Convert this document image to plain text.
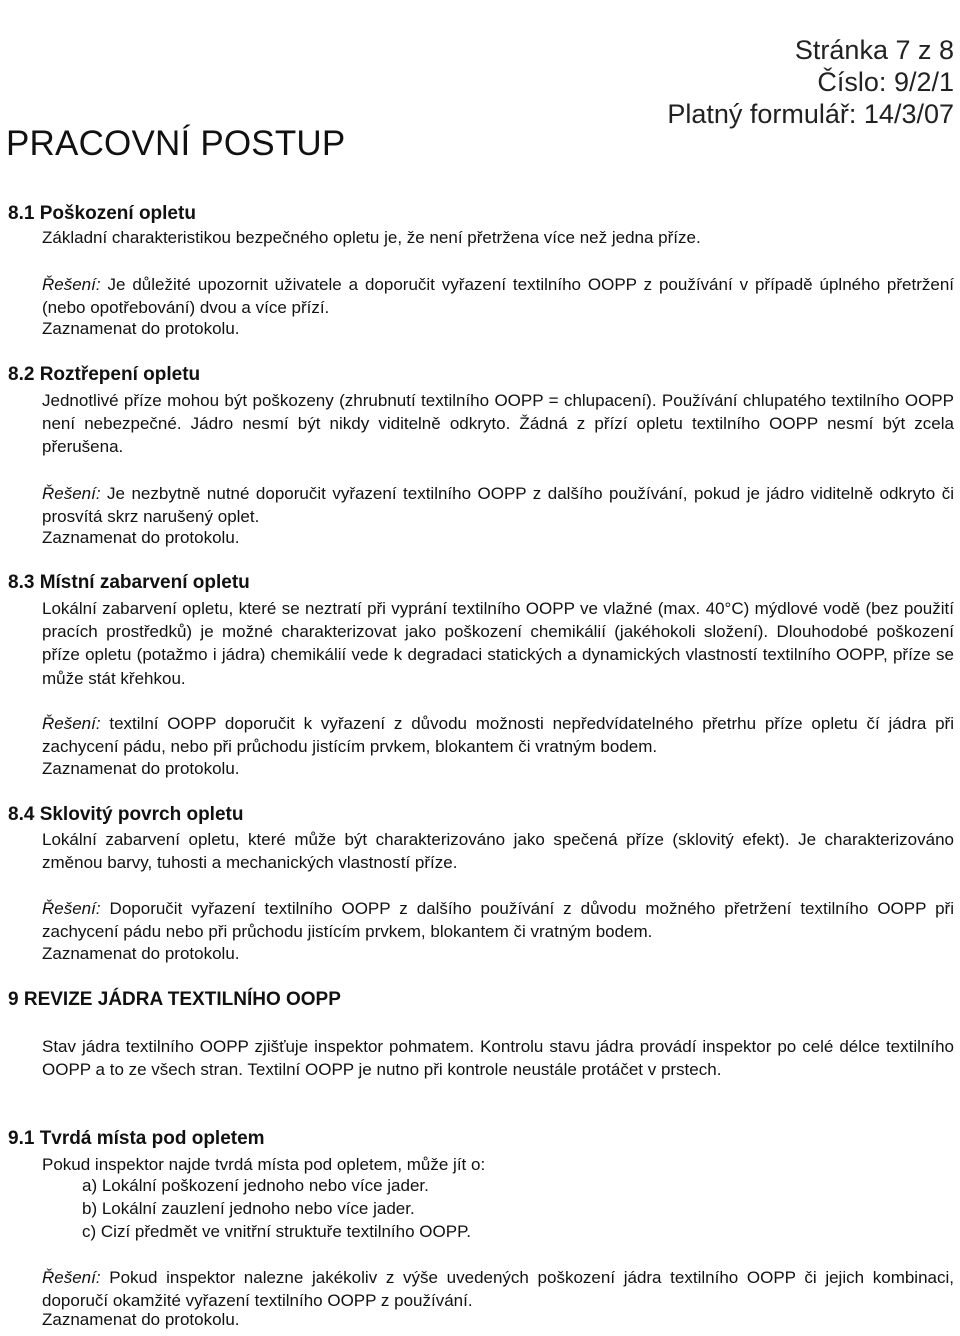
PRACOVNÍ POSTUP
Stránka 7 z 8
Číslo: 9/2/1
Platný formulář: 14/3/07
8.1 Poškození opletu
Základní charakteristikou bezpečného opletu je, že není přetržena více než jedna příze.
Řešení: Je důležité upozornit uživatele a doporučit vyřazení textilního OOPP z používání v případě úplného přetržení (nebo opotřebování) dvou a více přízí.
Zaznamenat do protokolu.
8.2 Roztřepení opletu
Jednotlivé příze mohou být poškozeny (zhrubnutí textilního OOPP = chlupacení). Používání chlupatého textilního OOPP není nebezpečné. Jádro nesmí být nikdy viditelně odkryto. Žádná z přízí opletu textilního OOPP nesmí být zcela přerušena.
Řešení: Je nezbytně nutné doporučit vyřazení textilního OOPP z dalšího používání, pokud je jádro viditelně odkryto či prosvítá skrz narušený oplet.
Zaznamenat do protokolu.
8.3 Místní zabarvení opletu
Lokální zabarvení opletu, které se neztratí při vyprání textilního OOPP ve vlažné (max. 40°C) mýdlové vodě (bez použití pracích prostředků) je možné charakterizovat jako poškození chemikálií (jakéhokoli složení). Dlouhodobé poškození příze opletu (potažmo i jádra) chemikálií vede k degradaci statických a dynamických vlastností textilního OOPP, příze se může stát křehkou.
Řešení: textilní OOPP doporučit k vyřazení z důvodu možnosti nepředvídatelného přetrhu příze opletu čí jádra při zachycení pádu, nebo při průchodu jistícím prvkem, blokantem či vratným bodem.
Zaznamenat do protokolu.
8.4 Sklovitý povrch opletu
Lokální zabarvení opletu, které může být charakterizováno jako spečená příze (sklovitý efekt). Je charakterizováno změnou barvy, tuhosti a mechanických vlastností příze.
Řešení: Doporučit vyřazení textilního OOPP z dalšího používání z důvodu možného přetržení textilního OOPP při zachycení pádu nebo při průchodu jistícím prvkem, blokantem či vratným bodem.
Zaznamenat do protokolu.
9 REVIZE JÁDRA TEXTILNÍHO OOPP
Stav jádra textilního OOPP zjišťuje inspektor pohmatem. Kontrolu stavu jádra provádí inspektor po celé délce textilního OOPP a to ze všech stran. Textilní OOPP je nutno při kontrole neustále protáčet v prstech.
9.1 Tvrdá místa pod opletem
Pokud inspektor najde tvrdá místa pod opletem, může jít o:
a) Lokální poškození jednoho nebo více jader.
b) Lokální zauzlení jednoho nebo více jader.
c) Cizí předmět ve vnitřní struktuře textilního OOPP.
Řešení: Pokud inspektor nalezne jakékoliv z výše uvedených poškození jádra textilního OOPP či jejich kombinaci, doporučí okamžité vyřazení textilního OOPP z používání.
Zaznamenat do protokolu.
